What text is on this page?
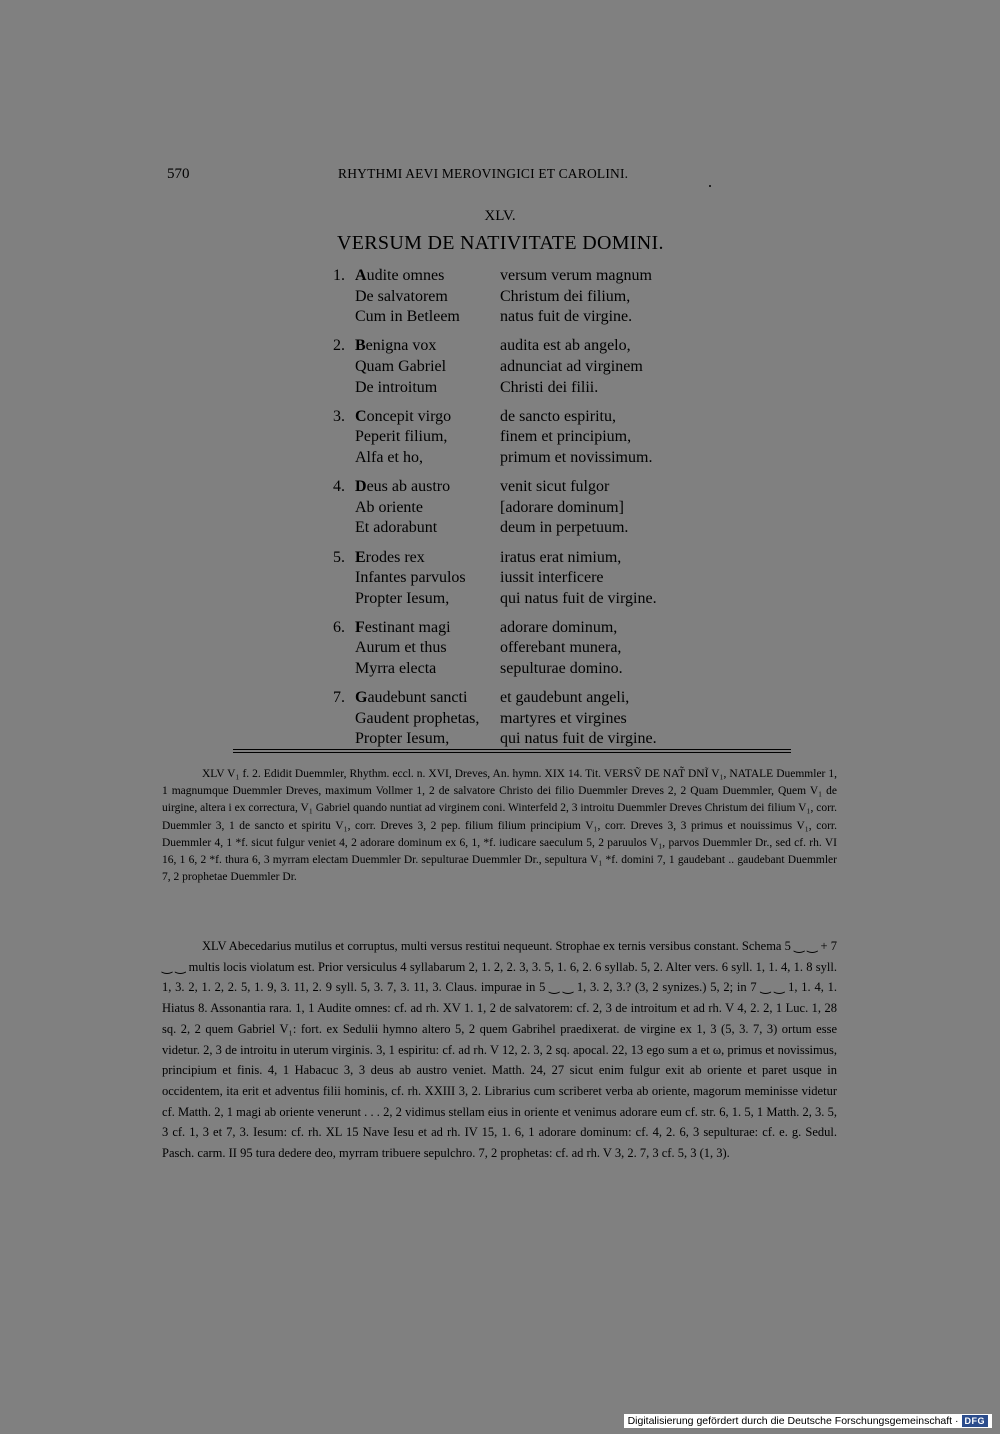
570	RHYTHMI AEVI MEROVINGICI ET CAROLINI.
XLV.
VERSUM DE NATIVITATE DOMINI.
1. Audite omnes	versum verum magnum
De salvatorem	Christum dei filium,
Cum in Betleem	natus fuit de virgine.
2. Benigna vox	audita est ab angelo,
Quam Gabriel	adnunciat ad virginem
De introitum	Christi dei filii.
3. Concepit virgo	de sancto espiritu,
Peperit filium,	finem et principium,
Alfa et ho,	primum et novissimum.
4. Deus ab austro	venit sicut fulgor
Ab oriente	[adorare dominum]
Et adorabunt	deum in perpetuum.
5. Erodes rex	iratus erat nimium,
Infantes parvulos	iussit interficere
Propter Iesum,	qui natus fuit de virgine.
6. Festinant magi	adorare dominum,
Aurum et thus	offerebant munera,
Myrra electa	sepulturae domino.
7. Gaudebunt sancti	et gaudebunt angeli,
Gaudent prophetas,	martyres et virgines
Propter Iesum,	qui natus fuit de virgine.

XLV V₁ f. 2. Edidit Duemmler, Rhythm. eccl. n. XVI, Dreves, An. hymn. XIX 14. Tit. VERSṼ DE NAT̃ DNĨ V₁, NATALE Duemmler 1, 1 magnumque Duemmler Dreves, maximum Vollmer 1, 2 de salvatore Christo dei filio Duemmler Dreves 2, 2 Quam Duemmler, Quem V₁ de uirgine, altera i ex correctura, V₁ Gabriel quando nuntiat ad virginem coni. Winterfeld 2, 3 introitu Duemmler Dreves Christum dei filium V₁, corr. Duemmler 3, 1 de sancto et spiritu V₁, corr. Dreves 3, 2 pep. filium filium principium V₁, corr. Dreves 3, 3 primus et nouissimus V₁, corr. Duemmler 4, 1 *f. sicut fulgur veniet 4, 2 adorare dominum ex 6, 1, *f. iudicare saeculum 5, 2 paruulos V₁, parvos Duemmler Dr., sed cf. rh. VI 16, 1 6, 2 *f. thura 6, 3 myrram electam Duemmler Dr. sepulturae Duemmler Dr., sepultura V₁ *f. domini 7, 1 gaudebant .. gaudebant Duemmler 7, 2 prophetae Duemmler Dr.

XLV Abecedarius mutilus et corruptus, multi versus restitui nequeunt. Strophae ex ternis versibus constant. Schema 5 ‿ ‿ + 7 ‿ ‿ multis locis violatum est. Prior versiculus 4 syllabarum 2, 1. 2, 2. 3, 3. 5, 1. 6, 2. 6 syllab. 5, 2. Alter vers. 6 syll. 1, 1. 4, 1. 8 syll. 1, 3. 2, 1. 2, 2. 5, 1. 9, 3. 11, 2. 9 syll. 5, 3. 7, 3. 11, 3. Claus. impurae in 5 ‿ ‿ 1, 3. 2, 3.? (3, 2 synizes.) 5, 2; in 7 ‿ ‿ 1, 1. 4, 1. Hiatus 8. Assonantia rara. 1, 1 Audite omnes: cf. ad rh. XV 1. 1, 2 de salvatorem: cf. 2, 3 de introitum et ad rh. V 4, 2. 2, 1 Luc. 1, 28 sq. 2, 2 quem Gabriel V₁: fort. ex Sedulii hymno altero 5, 2 quem Gabrihel praedixerat. de virgine ex 1, 3 (5, 3. 7, 3) ortum esse videtur. 2, 3 de introitu in uterum virginis. 3, 1 espiritu: cf. ad rh. V 12, 2. 3, 2 sq. apocal. 22, 13 ego sum a et ω, primus et novissimus, principium et finis. 4, 1 Habacuc 3, 3 deus ab austro veniet. Matth. 24, 27 sicut enim fulgur exit ab oriente et paret usque in occidentem, ita erit et adventus filii hominis, cf. rh. XXIII 3, 2. Librarius cum scriberet verba ab oriente, magorum meminisse videtur cf. Matth. 2, 1 magi ab oriente venerunt . . . 2, 2 vidimus stellam eius in oriente et venimus adorare eum cf. str. 6, 1. 5, 1 Matth. 2, 3. 5, 3 cf. 1, 3 et 7, 3. Iesum: cf. rh. XL 15 Nave Iesu et ad rh. IV 15, 1. 6, 1 adorare dominum: cf. 4, 2. 6, 3 sepulturae: cf. e. g. Sedul. Pasch. carm. II 95 tura dedere deo, myrram tribuere sepulchro. 7, 2 prophetas: cf. ad rh. V 3, 2. 7, 3 cf. 5, 3 (1, 3).

Digitalisierung gefördert durch die Deutsche Forschungsgemeinschaft · DFG
